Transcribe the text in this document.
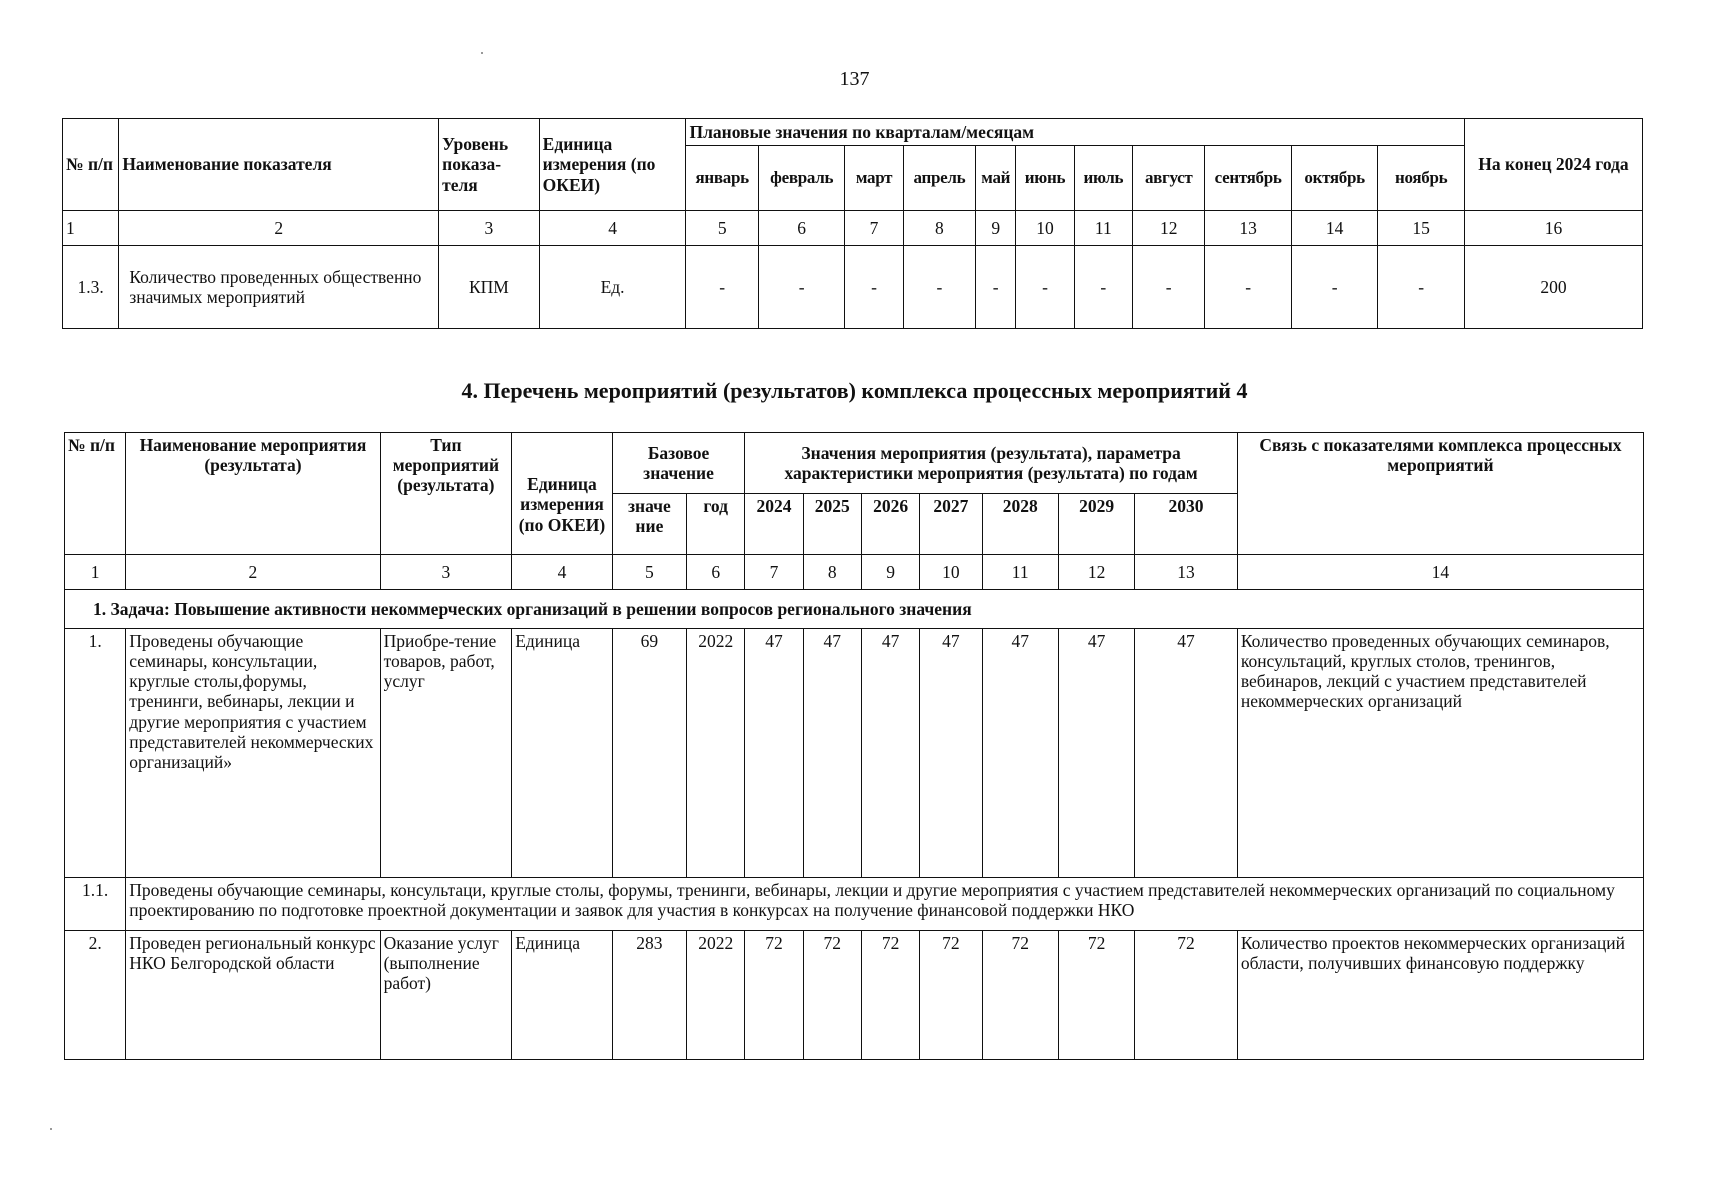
137
№ п/п	Наименование показателя	Уровень показа-теля	Единица измерения (по ОКЕИ)	Плановые значения по кварталам/месяцам											На конец 2024 года
				январь	февраль	март	апрель	май	июнь	июль	август	сентябрь	октябрь	ноябрь	
1	2	3	4	5	6	7	8	9	10	11	12	13	14	15	16
1.3.	Количество проведенных общественно значимых мероприятий	КПМ	Ед.	-	-	-	-	-	-	-	-	-	-	-	200
4. Перечень мероприятий (результатов) комплекса процессных мероприятий 4
№ п/п	Наименование мероприятия (результата)	Тип мероприятий (результата)	Единица измерения (по ОКЕИ)	Базовое значение		Значения мероприятия (результата), параметра характеристики мероприятия (результата) по годам							Связь с показателями комплекса процессных мероприятий
				значе ние	год	2024	2025	2026	2027	2028	2029	2030	
1	2	3	4	5	6	7	8	9	10	11	12	13	14
1. Задача: Повышение активности некоммерческих организаций в решении вопросов регионального значения													
1.	Проведены обучающие семинары, консультации, круглые столы,форумы, тренинги, вебинары, лекции и другие мероприятия с участием представителей некоммерческих организаций»	Приобре-тение товаров, работ, услуг	Единица	69	2022	47	47	47	47	47	47	47	Количество проведенных обучающих семинаров, консультаций, круглых столов, тренингов, вебинаров, лекций с участием представителей некоммерческих организаций
1.1.	Проведены обучающие семинары, консультаци, круглые столы, форумы, тренинги, вебинары, лекции и другие мероприятия с участием представителей некоммерческих организаций по социальному проектированию по подготовке проектной документации и заявок для участия в конкурсах на получение финансовой поддержки НКО												
2.	Проведен региональный конкурс НКО Белгородской области	Оказание услуг (выполнение работ)	Единица	283	2022	72	72	72	72	72	72	72	Количество проектов некоммерческих организаций области, получивших финансовую поддержку
